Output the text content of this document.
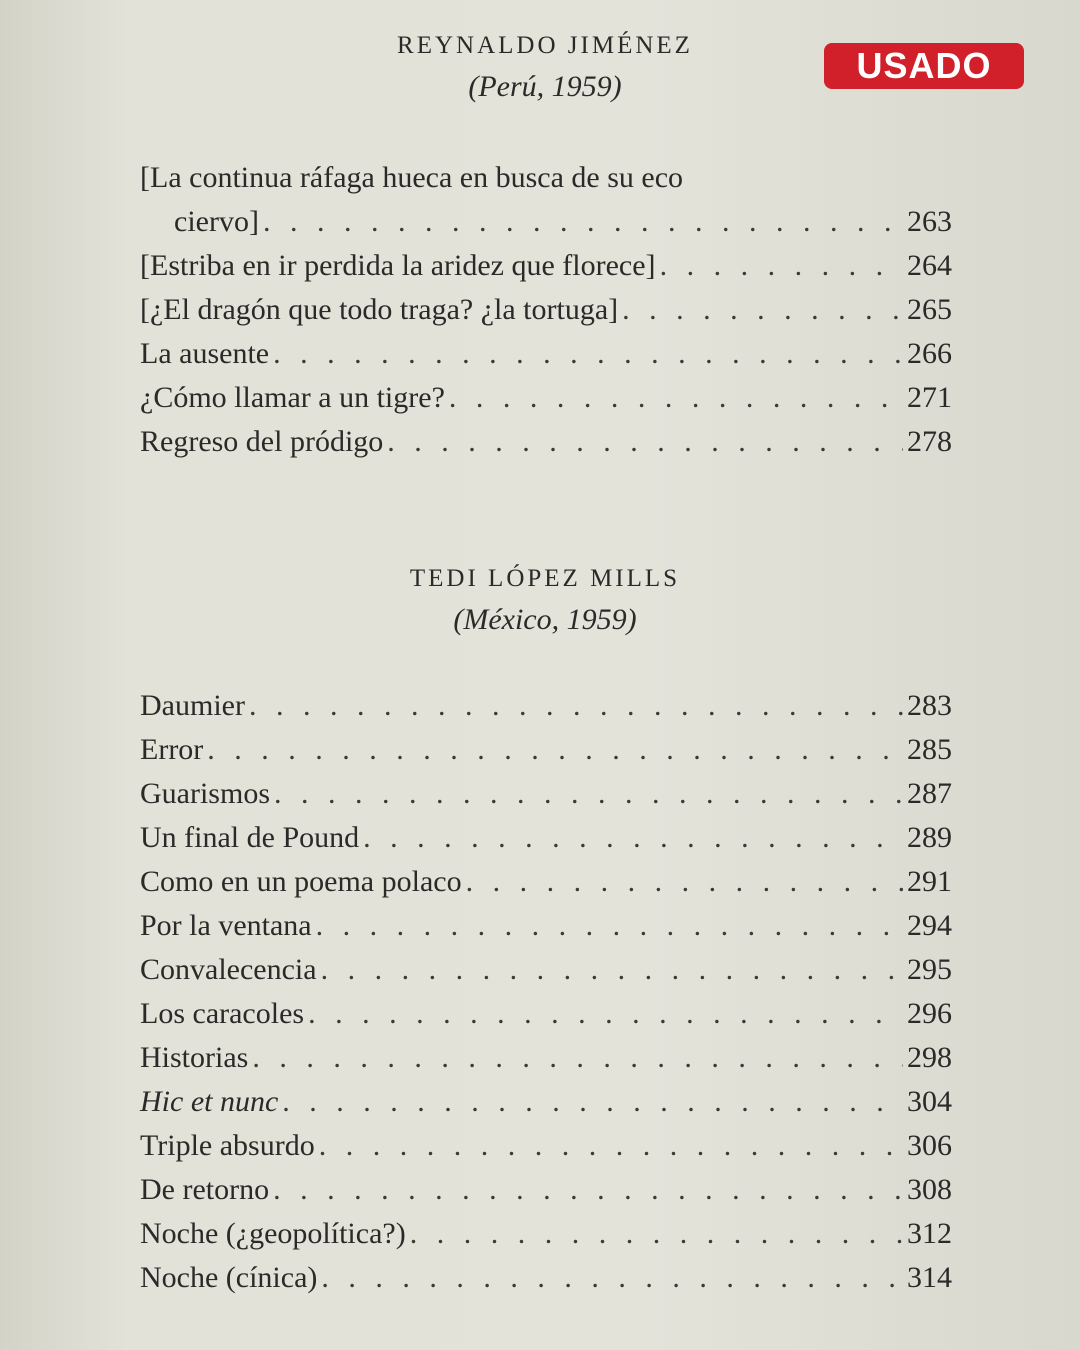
USADO
REYNALDO JIMÉNEZ
(Perú, 1959)
[La continua ráfaga hueca en busca de su eco
ciervo] . . .	263
[Estriba en ir perdida la aridez que florece] . . .	264
[¿El dragón que todo traga? ¿la tortuga] . . .	265
La ausente . . .	266
¿Cómo llamar a un tigre? . . .	271
Regreso del pródigo . . .	278
TEDI LÓPEZ MILLS
(México, 1959)
Daumier . . .	283
Error . . .	285
Guarismos . . .	287
Un final de Pound . . .	289
Como en un poema polaco . . .	291
Por la ventana . . .	294
Convalecencia . . .	295
Los caracoles . . .	296
Historias . . .	298
Hic et nunc . . .	304
Triple absurdo . . .	306
De retorno . . .	308
Noche (¿geopolítica?) . . .	312
Noche (cínica) . . .	314
